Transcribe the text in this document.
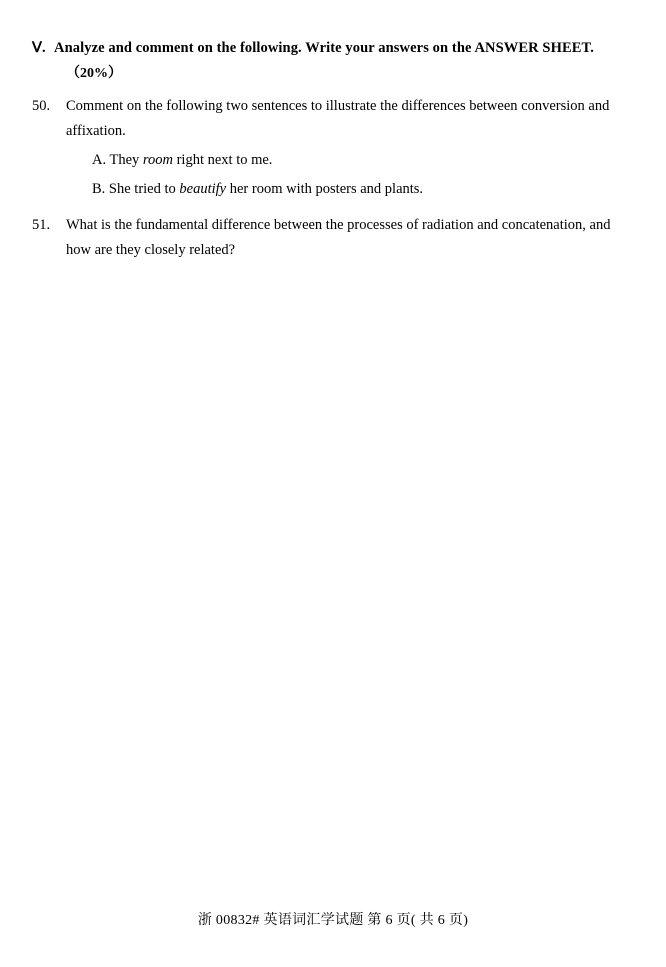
Ⅴ. Analyze and comment on the following. Write your answers on the ANSWER SHEET.
（20%）
50.	Comment on the following two sentences to illustrate the differences between conversion and affixation.
A. They room right next to me.
B. She tried to beautify her room with posters and plants.
51.	What is the fundamental difference between the processes of radiation and concatenation, and how are they closely related?
浙 00832# 英语词汇学试题 第 6 页( 共 6 页)
